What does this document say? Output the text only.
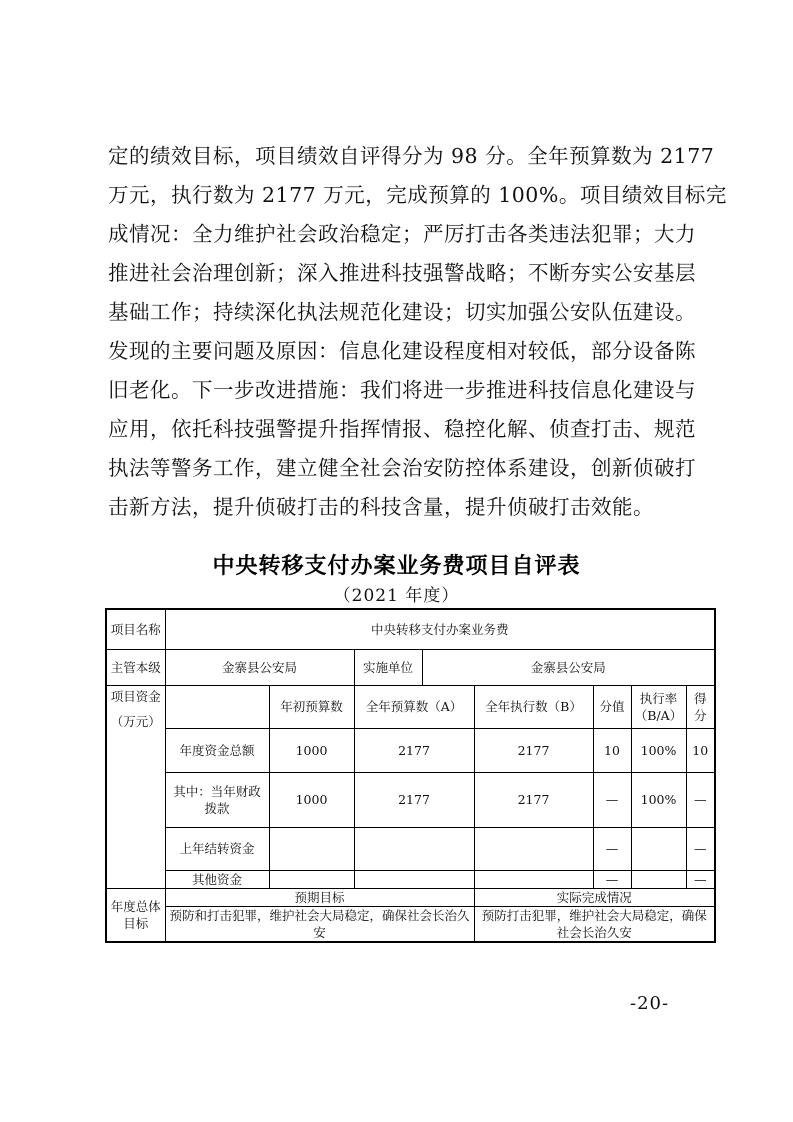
定的绩效目标，项目绩效自评得分为 98 分。全年预算数为 2177
万元，执行数为 2177 万元，完成预算的 100%。项目绩效目标完
成情况：全力维护社会政治稳定；严厉打击各类违法犯罪；大力
推进社会治理创新；深入推进科技强警战略；不断夯实公安基层
基础工作；持续深化执法规范化建设；切实加强公安队伍建设。
发现的主要问题及原因：信息化建设程度相对较低，部分设备陈
旧老化。下一步改进措施：我们将进一步推进科技信息化建设与
应用，依托科技强警提升指挥情报、稳控化解、侦查打击、规范
执法等警务工作，建立健全社会治安防控体系建设，创新侦破打
击新方法，提升侦破打击的科技含量，提升侦破打击效能。
中央转移支付办案业务费项目自评表
（2021 年度）
项目名称	中央转移支付办案业务费							
主管本级	金寨县公安局		实施单位	金寨县公安局				

项目资金
（万元）		年初预算数	全年预算数（A）		全年执行数（B）	分值	执行率（B/A）	得分
	年度资金总额	1000	2177		2177	10	100%	10
	其中：当年财政拨款	1000	2177		2177	—	100%	—
	上年结转资金					—		—
	其他资金					—		—
年度总体目标	预期目标				实际完成情况			
	预防和打击犯罪，维护社会大局稳定，确保社会长治久安				预防打击犯罪，维护社会大局稳定，确保社会长治久安			
-20-
